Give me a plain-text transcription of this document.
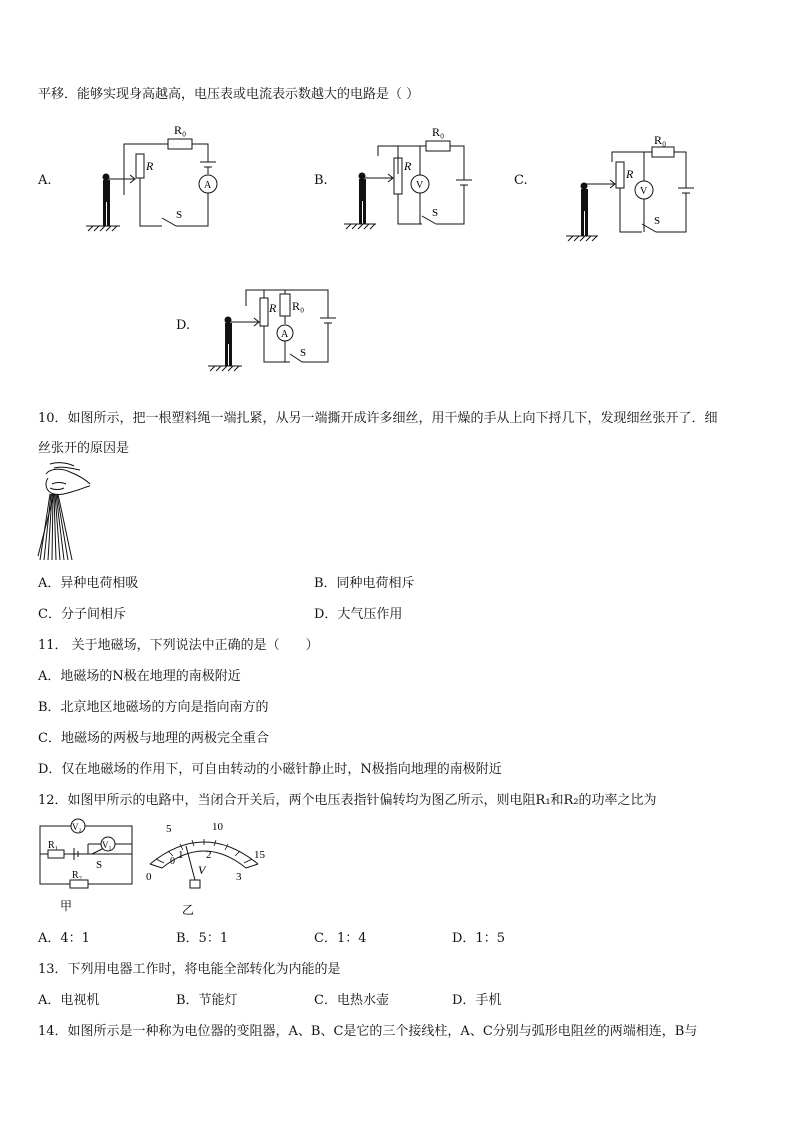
平移．能够实现身高越高，电压表或电流表示数越大的电路是（ ）
A.
R₀
R
A
S
B.
R₀
R
V
S
C.
R₀
R
V
S
D.
R₀
R
A
S
10．如图所示，把一根塑料绳一端扎紧，从另一端撕开成许多细丝，用干燥的手从上向下捋几下，发现细丝张开了．细
丝张开的原因是
A．异种电荷相吸	B．同种电荷相斥
C．分子间相斥	D．大气压作用
11． 关于地磁场，下列说法中正确的是（　　）
A．地磁场的N极在地理的南极附近
B．北京地区地磁场的方向是指向南方的
C．地磁场的两极与地理的两极完全重合
D．仅在地磁场的作用下，可自由转动的小磁针静止时，N极指向地理的南极附近
12．如图甲所示的电路中，当闭合开关后，两个电压表指针偏转均为图乙所示，则电阻R₁和R₂的功率之比为
V₂
V₁
R₁
R₂
S
甲
5	10
15
0
0
1 2
3
V
乙
A．4：1	B．5：1	C．1：4	D．1：5
13．下列用电器工作时，将电能全部转化为内能的是
A．电视机	B．节能灯	C．电热水壶	D．手机
14．如图所示是一种称为电位器的变阻器，A、B、C是它的三个接线柱，A、C分别与弧形电阻丝的两端相连，B与
